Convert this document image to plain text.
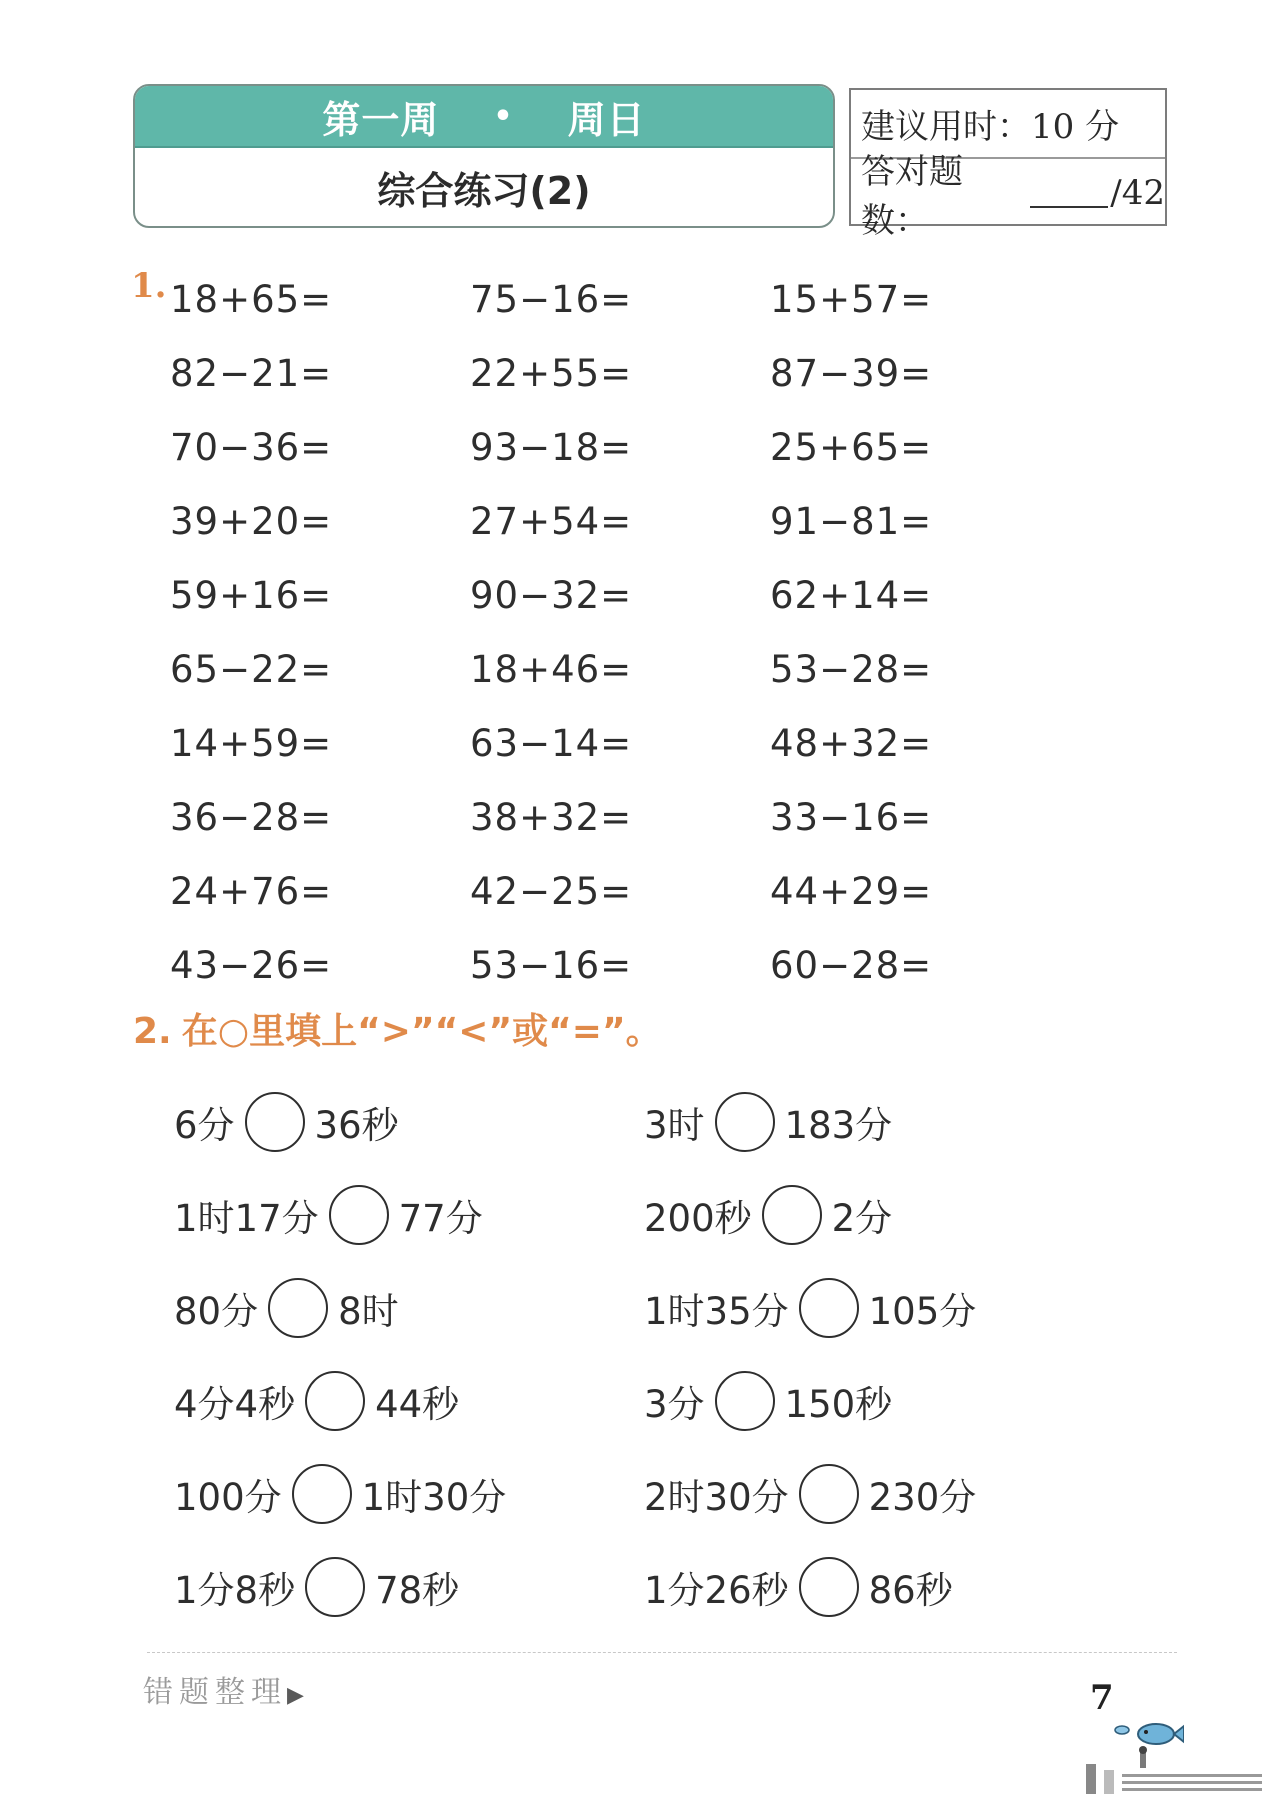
第一周 • 周日
综合练习(2)
建议用时：10 分
答对题数：
/42
1. 18+65=	75−16=	15+57=
82−21=	22+55=	87−39=
70−36=	93−18=	25+65=
39+20=	27+54=	91−81=
59+16=	90−32=	62+14=
65−22=	18+46=	53−28=
14+59=	63−14=	48+32=
36−28=	38+32=	33−16=
24+76=	42−25=	44+29=
43−26=	53−16=	60−28=
2. 在○里填上“>”“<”或“=”。
6分 36秒	3时 183分
1时17分 77分	200秒 2分
80分 8时	1时35分 105分
4分4秒 44秒	3分 150秒
100分 1时30分	2时30分 230分
1分8秒 78秒	1分26秒 86秒
错题整理▶	7
